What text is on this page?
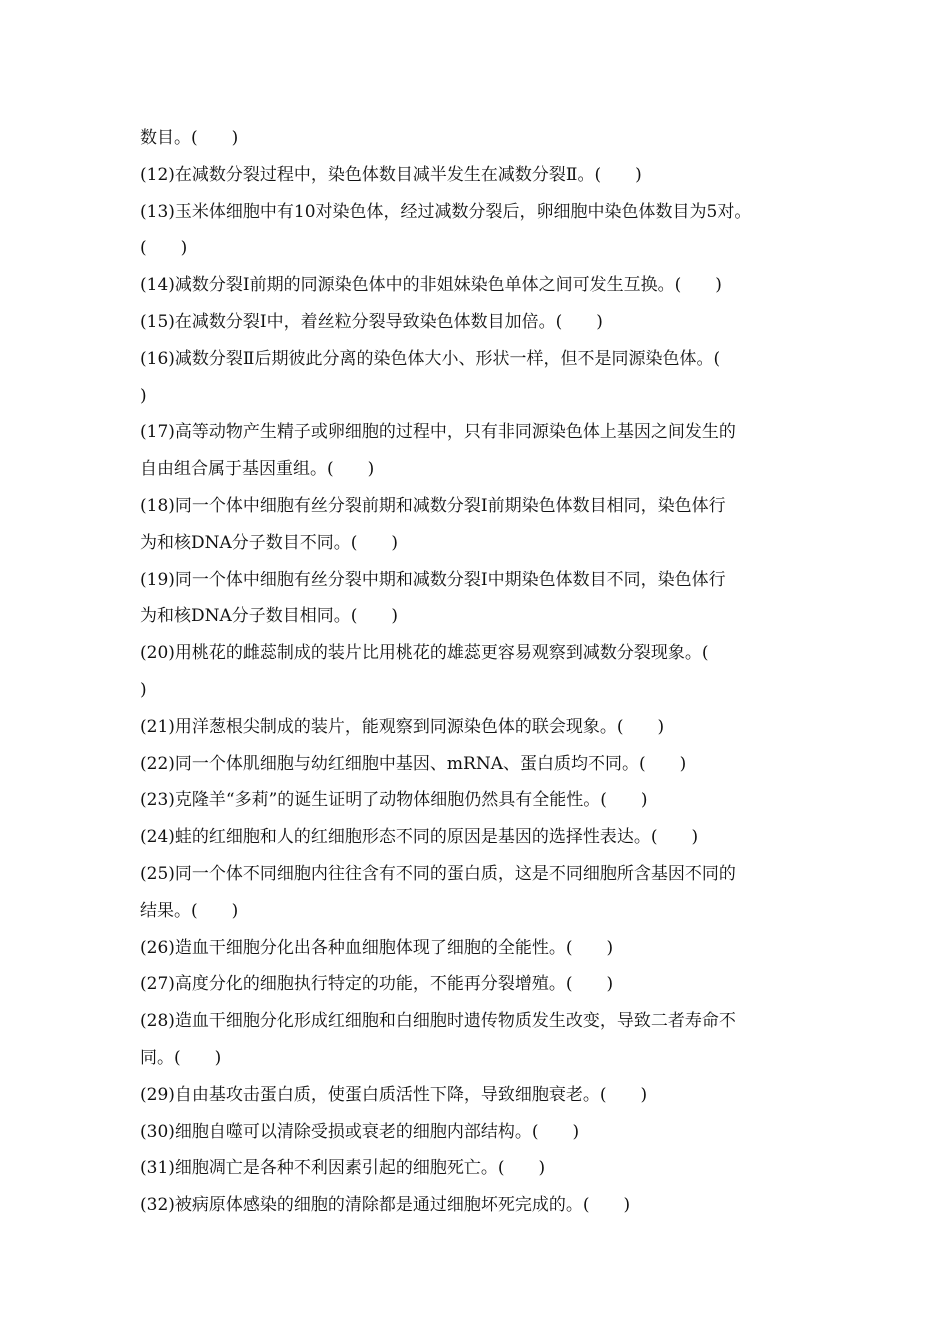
数目。(　　)
(12)在减数分裂过程中，染色体数目减半发生在减数分裂Ⅱ。(　　)
(13)玉米体细胞中有10对染色体，经过减数分裂后，卵细胞中染色体数目为5对。
(　　)
(14)减数分裂Ⅰ前期的同源染色体中的非姐妹染色单体之间可发生互换。(　　)
(15)在减数分裂Ⅰ中，着丝粒分裂导致染色体数目加倍。(　　)
(16)减数分裂Ⅱ后期彼此分离的染色体大小、形状一样，但不是同源染色体。(
)
(17)高等动物产生精子或卵细胞的过程中，只有非同源染色体上基因之间发生的
自由组合属于基因重组。(　　)
(18)同一个体中细胞有丝分裂前期和减数分裂Ⅰ前期染色体数目相同，染色体行
为和核DNA分子数目不同。(　　)
(19)同一个体中细胞有丝分裂中期和减数分裂Ⅰ中期染色体数目不同，染色体行
为和核DNA分子数目相同。(　　)
(20)用桃花的雌蕊制成的装片比用桃花的雄蕊更容易观察到减数分裂现象。(
)
(21)用洋葱根尖制成的装片，能观察到同源染色体的联会现象。(　　)
(22)同一个体肌细胞与幼红细胞中基因、mRNA、蛋白质均不同。(　　)
(23)克隆羊“多莉”的诞生证明了动物体细胞仍然具有全能性。(　　)
(24)蛙的红细胞和人的红细胞形态不同的原因是基因的选择性表达。(　　)
(25)同一个体不同细胞内往往含有不同的蛋白质，这是不同细胞所含基因不同的
结果。(　　)
(26)造血干细胞分化出各种血细胞体现了细胞的全能性。(　　)
(27)高度分化的细胞执行特定的功能，不能再分裂增殖。(　　)
(28)造血干细胞分化形成红细胞和白细胞时遗传物质发生改变，导致二者寿命不
同。(　　)
(29)自由基攻击蛋白质，使蛋白质活性下降，导致细胞衰老。(　　)
(30)细胞自噬可以清除受损或衰老的细胞内部结构。(　　)
(31)细胞凋亡是各种不利因素引起的细胞死亡。(　　)
(32)被病原体感染的细胞的清除都是通过细胞坏死完成的。(　　)
